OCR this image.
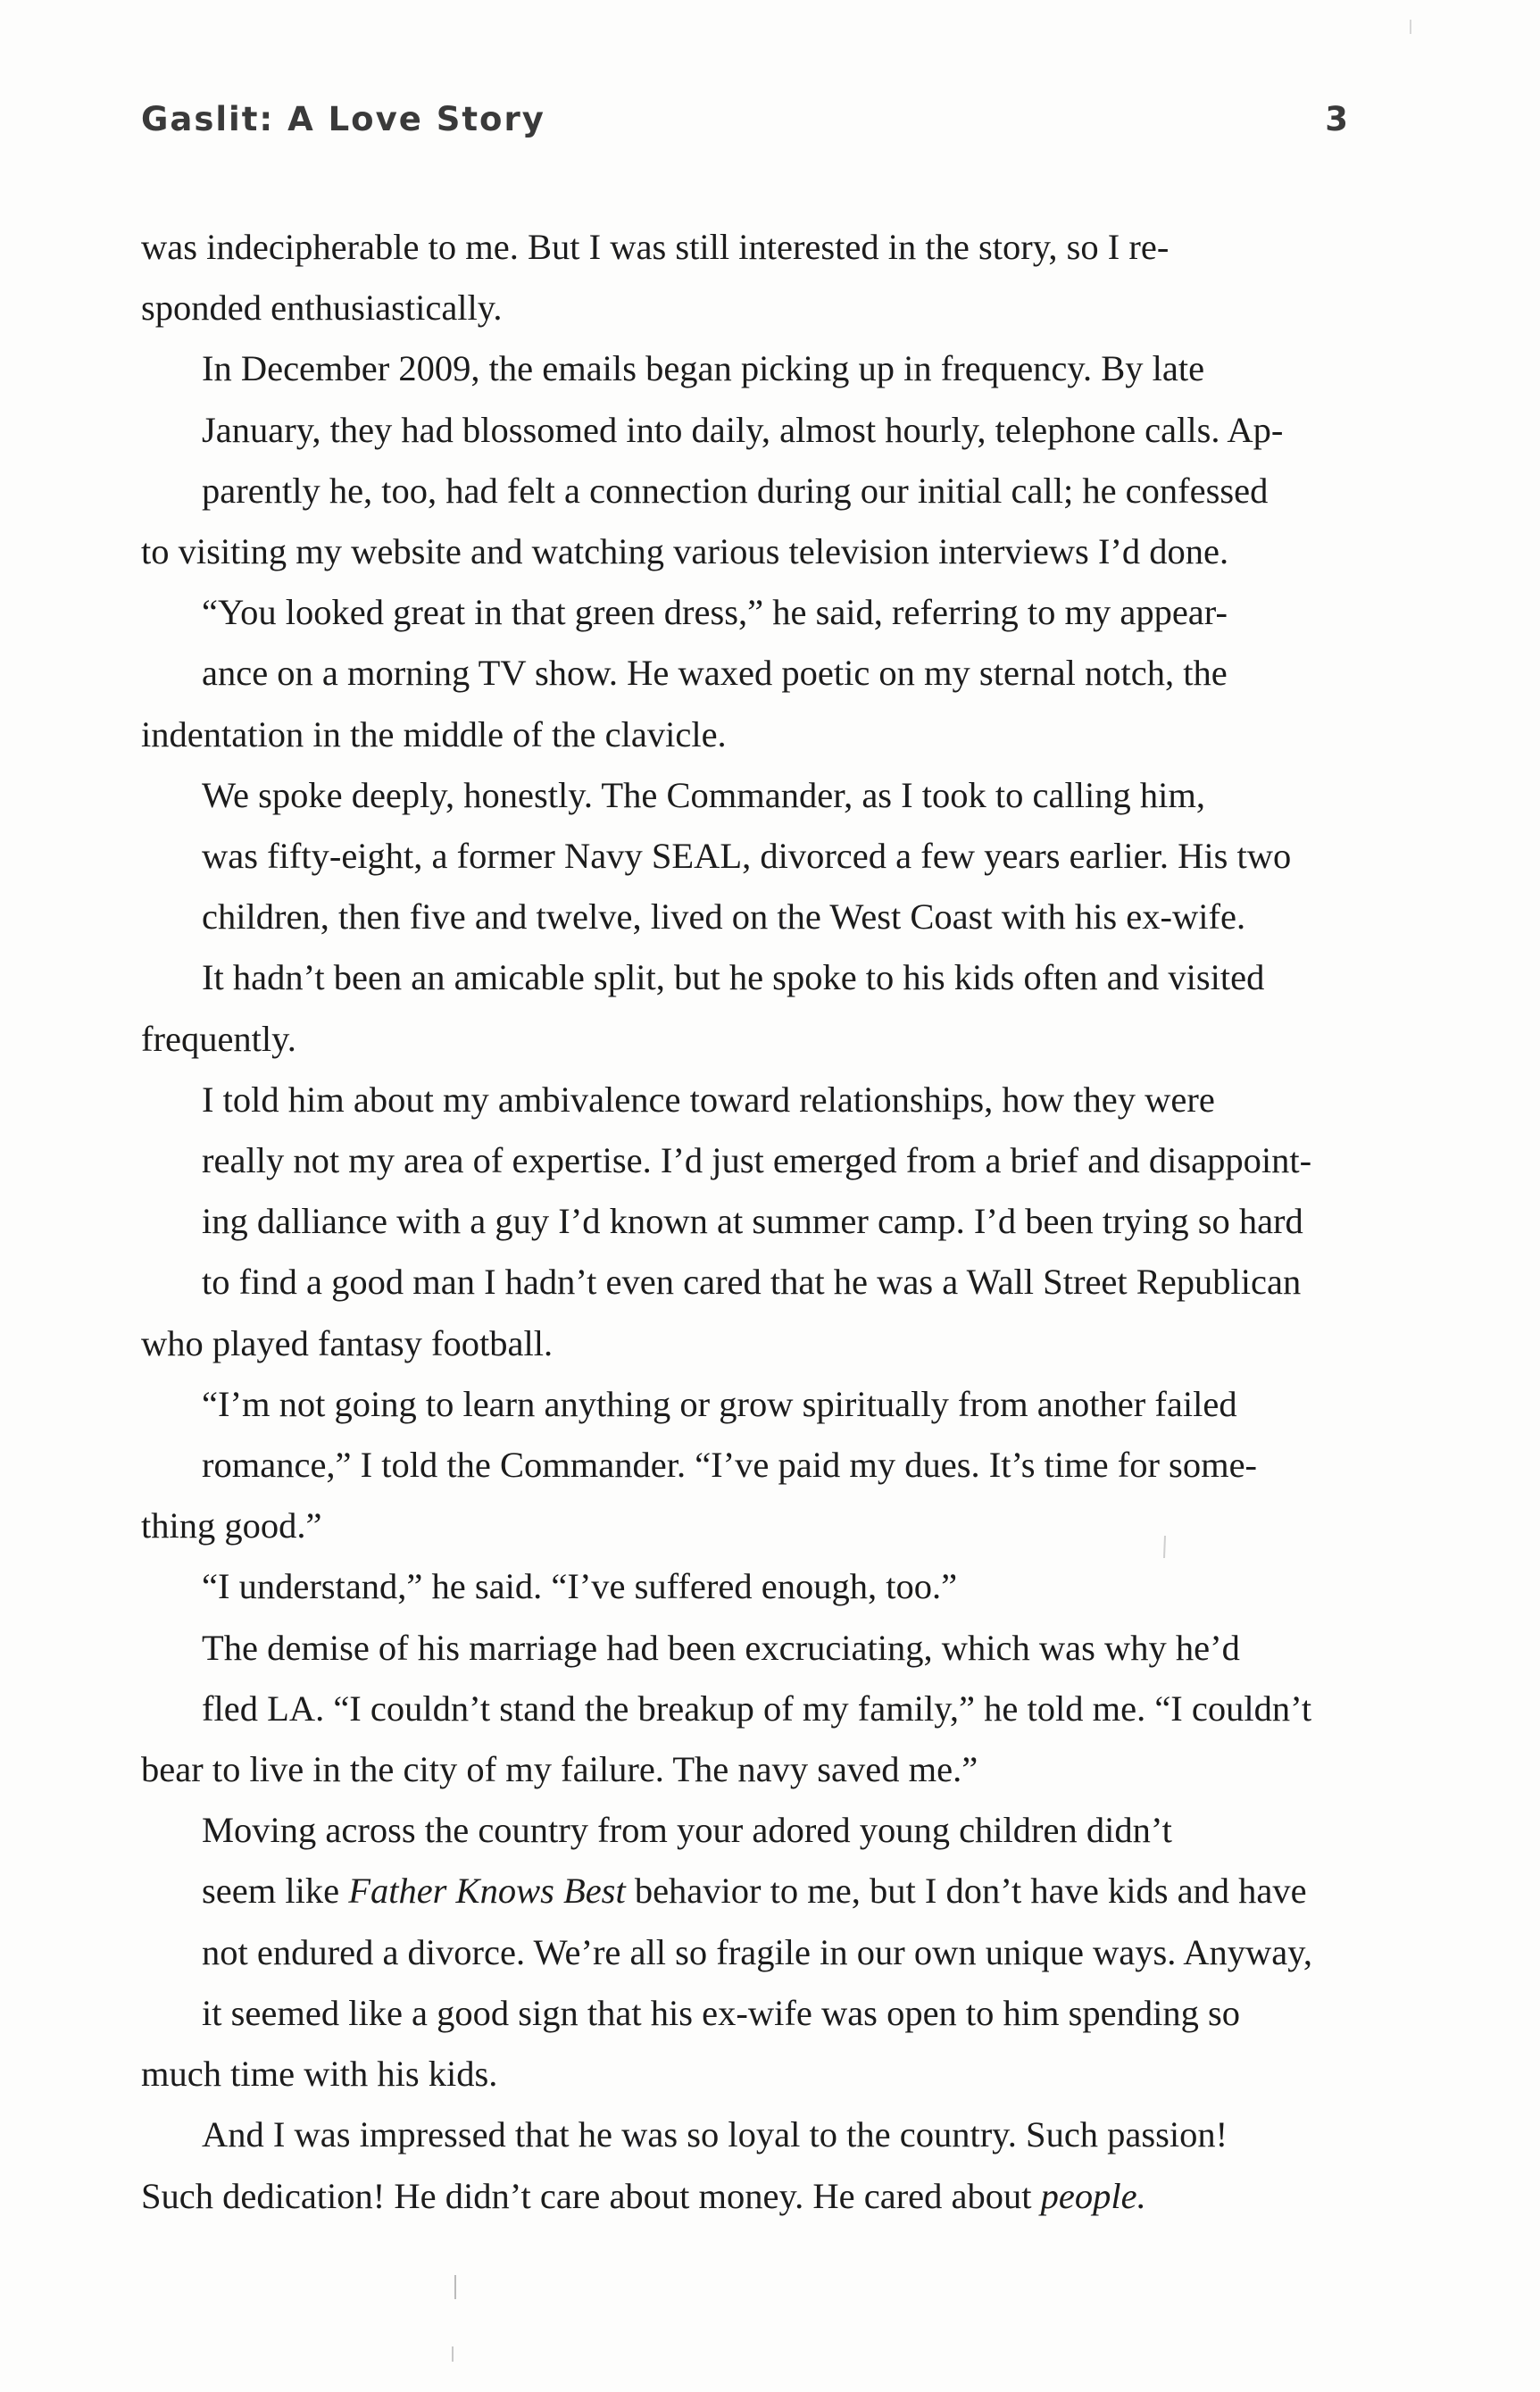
Gaslit: A Love Story	3

was indecipherable to me. But I was still interested in the story, so I re-
sponded enthusiastically.

In December 2009, the emails began picking up in frequency. By late
January, they had blossomed into daily, almost hourly, telephone calls. Ap-
parently he, too, had felt a connection during our initial call; he confessed
to visiting my website and watching various television interviews I’d done.

“You looked great in that green dress,” he said, referring to my appear-
ance on a morning TV show. He waxed poetic on my sternal notch, the
indentation in the middle of the clavicle.

We spoke deeply, honestly. The Commander, as I took to calling him,
was fifty-eight, a former Navy SEAL, divorced a few years earlier. His two
children, then five and twelve, lived on the West Coast with his ex-wife.
It hadn’t been an amicable split, but he spoke to his kids often and visited
frequently.

I told him about my ambivalence toward relationships, how they were
really not my area of expertise. I’d just emerged from a brief and disappoint-
ing dalliance with a guy I’d known at summer camp. I’d been trying so hard
to find a good man I hadn’t even cared that he was a Wall Street Republican
who played fantasy football.

“I’m not going to learn anything or grow spiritually from another failed
romance,” I told the Commander. “I’ve paid my dues. It’s time for some-
thing good.”

“I understand,” he said. “I’ve suffered enough, too.”

The demise of his marriage had been excruciating, which was why he’d
fled LA. “I couldn’t stand the breakup of my family,” he told me. “I couldn’t
bear to live in the city of my failure. The navy saved me.”

Moving across the country from your adored young children didn’t
seem like Father Knows Best behavior to me, but I don’t have kids and have
not endured a divorce. We’re all so fragile in our own unique ways. Anyway,
it seemed like a good sign that his ex-wife was open to him spending so
much time with his kids.

And I was impressed that he was so loyal to the country. Such passion!
Such dedication! He didn’t care about money. He cared about people.
